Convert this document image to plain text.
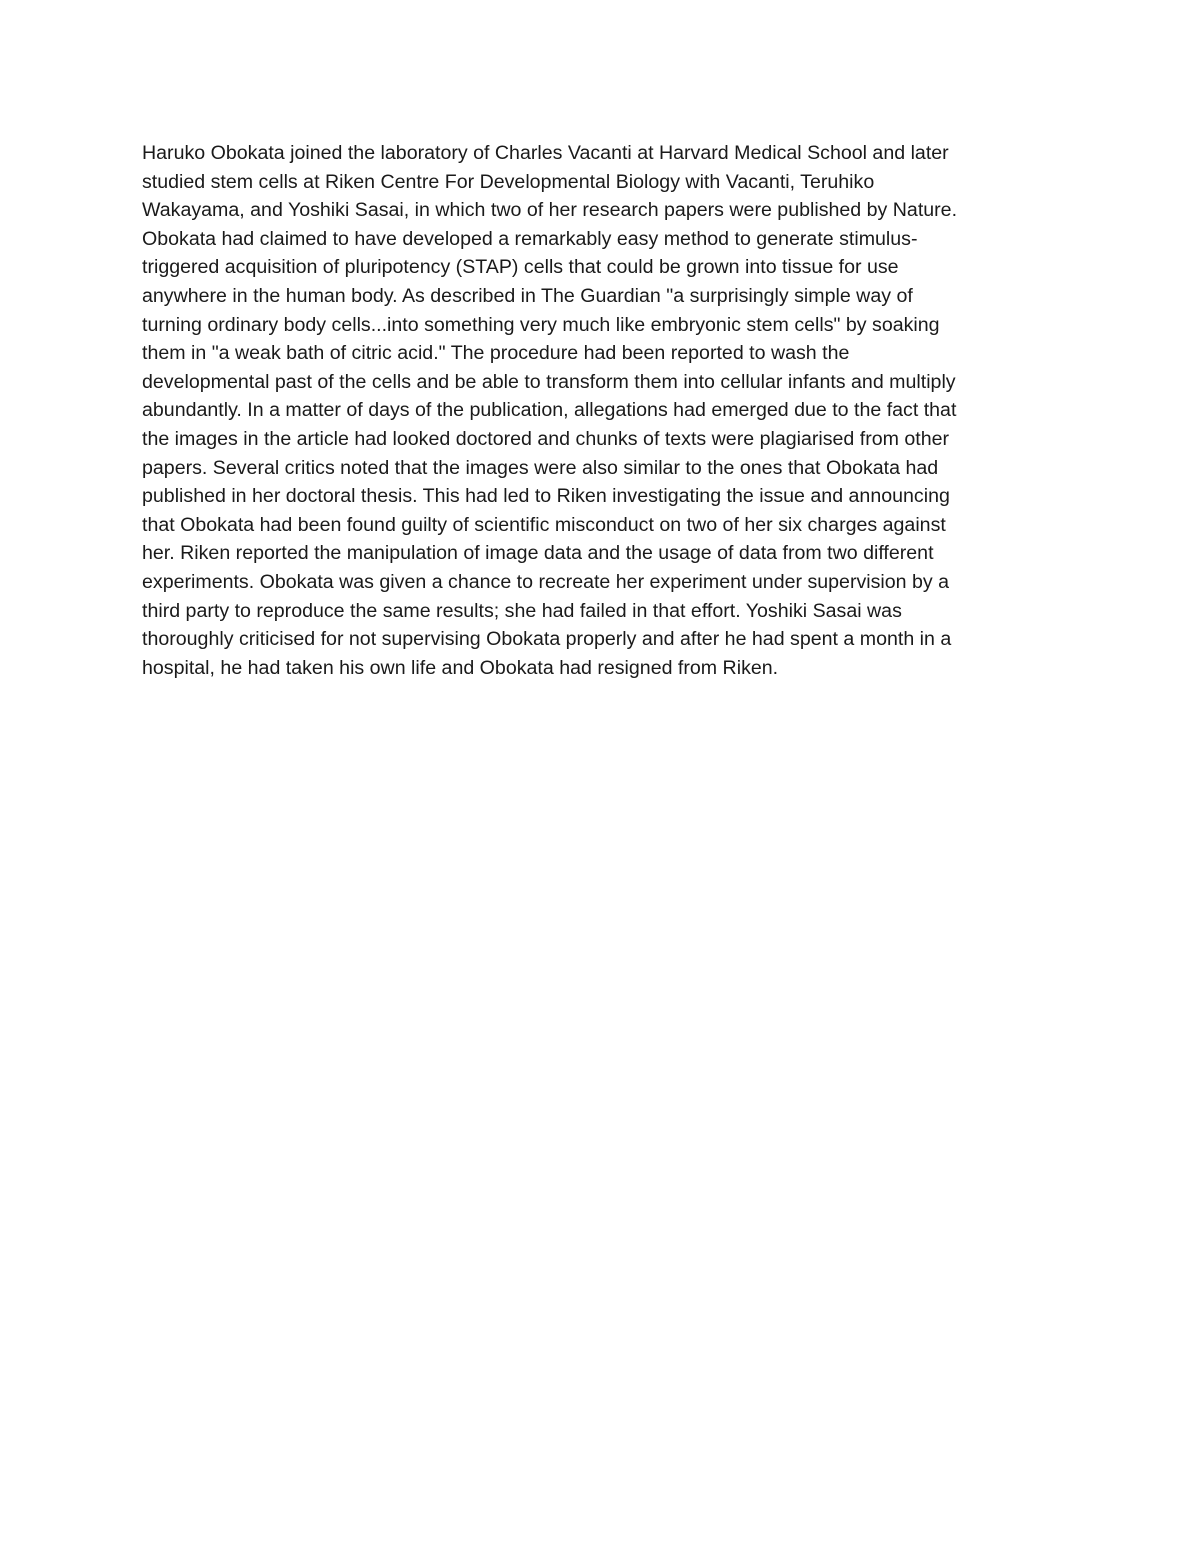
Haruko Obokata joined the laboratory of Charles Vacanti at Harvard Medical School and later
studied stem cells at Riken Centre For Developmental Biology with Vacanti, Teruhiko
Wakayama, and Yoshiki Sasai, in which two of her research papers were published by Nature.
Obokata had claimed to have developed a remarkably easy method to generate stimulus-
triggered acquisition of pluripotency (STAP) cells that could be grown into tissue for use
anywhere in the human body. As described in The Guardian "a surprisingly simple way of
turning ordinary body cells...into something very much like embryonic stem cells" by soaking
them in "a weak bath of citric acid." The procedure had been reported to wash the
developmental past of the cells and be able to transform them into cellular infants and multiply
abundantly. In a matter of days of the publication, allegations had emerged due to the fact that
the images in the article had looked doctored and chunks of texts were plagiarised from other
papers. Several critics noted that the images were also similar to the ones that Obokata had
published in her doctoral thesis. This had led to Riken investigating the issue and announcing
that Obokata had been found guilty of scientific misconduct on two of her six charges against
her. Riken reported the manipulation of image data and the usage of data from two different
experiments. Obokata was given a chance to recreate her experiment under supervision by a
third party to reproduce the same results; she had failed in that effort. Yoshiki Sasai was
thoroughly criticised for not supervising Obokata properly and after he had spent a month in a
hospital, he had taken his own life and Obokata had resigned from Riken.
